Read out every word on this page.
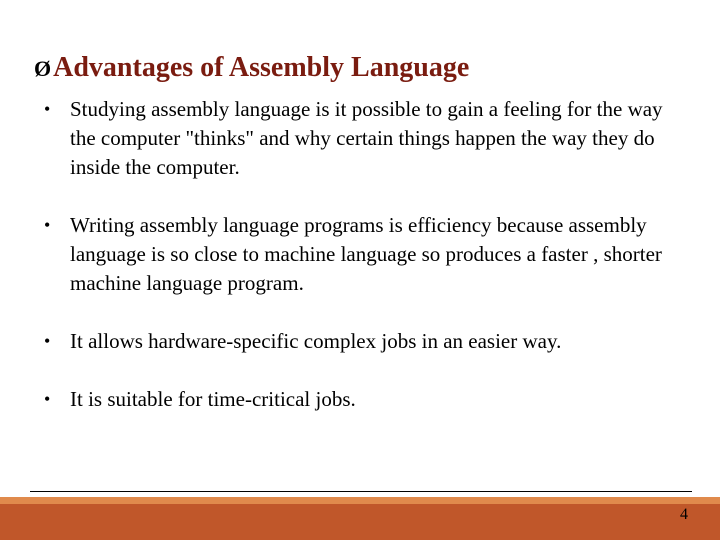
Ø Advantages of Assembly Language
• Studying assembly language is it possible to gain a feeling for the way the computer "thinks" and why certain things happen the way they do inside the computer.
• Writing assembly language programs is efficiency because assembly language is so close to machine language so produces a faster , shorter machine language program.
• It allows hardware-specific complex jobs in an easier way.
• It is suitable for time-critical jobs.
4
